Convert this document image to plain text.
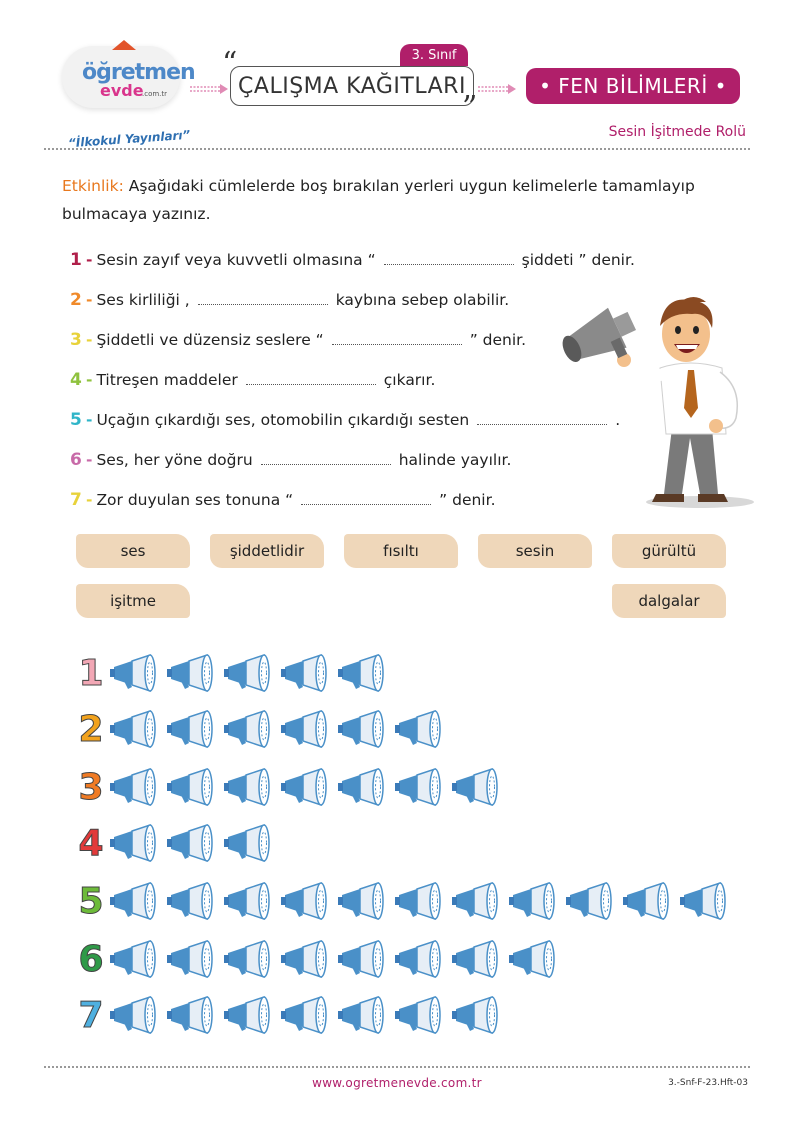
öğretmen
evde
.com.tr
“İlkokul Yayınları”
“	3. Sınıf
ÇALIŞMA KAĞITLARI
”
• FEN BİLİMLERİ •
Sesin İşitmede Rolü
Etkinlik: Aşağıdaki cümlelerde boş bırakılan yerleri uygun kelimelerle tamamlayıp bulmacaya yazınız.
1 - Sesin zayıf veya kuvvetli olmasına “	şiddeti ” denir.
2 - Ses kirliliği ,	kaybına sebep olabilir.
3 - Şiddetli ve düzensiz seslere “	” denir.
4 - Titreşen maddeler	çıkarır.
5 - Uçağın çıkardığı ses, otomobilin çıkardığı sesten	.
6 - Ses, her yöne doğru	halinde yayılır.
7 - Zor duyulan ses tonuna “	” denir.
ses	şiddetlidir	fısıltı	sesin	gürültü
işitme	dalgalar
1
2
3
4
5
6
7
www.ogretmenevde.com.tr	3.-Snf-F-23.Hft-03
